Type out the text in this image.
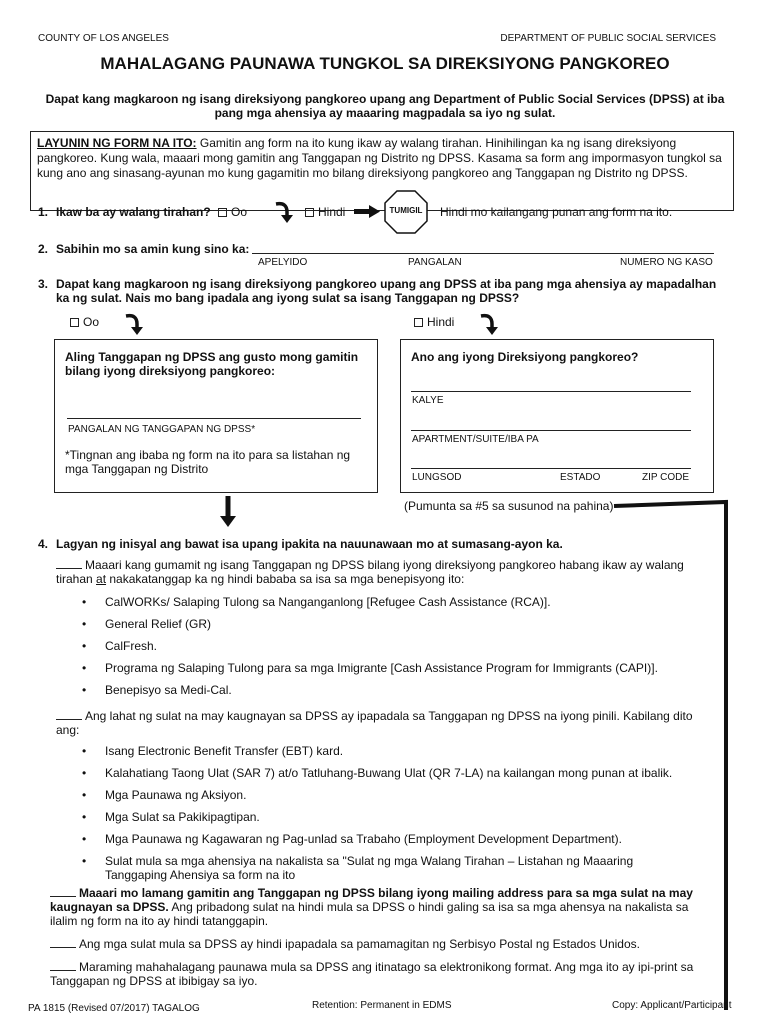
COUNTY OF LOS ANGELES	DEPARTMENT OF PUBLIC SOCIAL SERVICES
MAHALAGANG PAUNAWA TUNGKOL SA DIREKSIYONG PANGKOREO
Dapat kang magkaroon ng isang direksiyong pangkoreo upang ang Department of Public Social Services (DPSS) at iba pang mga ahensiya ay maaaring magpadala sa iyo ng sulat.
LAYUNIN NG FORM NA ITO: Gamitin ang form na ito kung ikaw ay walang tirahan. Hinihilingan ka ng isang direksiyong pangkoreo. Kung wala, maaari mong gamitin ang Tanggapan ng Distrito ng DPSS. Kasama sa form ang impormasyon tungkol sa kung ano ang sinasang-ayunan mo kung gagamitin mo bilang direksiyong pangkoreo ang Tanggapan ng Distrito ng DPSS.
1. Ikaw ba ay walang tirahan?	Oo	Hindi	TUMIGIL	Hindi mo kailangang punan ang form na ito.
2. Sabihin mo sa amin kung sino ka:
APELYIDO	PANGALAN	NUMERO NG KASO
3. Dapat kang magkaroon ng isang direksiyong pangkoreo upang ang DPSS at iba pang mga ahensiya ay mapadalhan ka ng sulat. Nais mo bang ipadala ang iyong sulat sa isang Tanggapan ng DPSS?
Oo	Hindi
Aling Tanggapan ng DPSS ang gusto mong gamitin bilang iyong direksiyong pangkoreo:
PANGALAN NG TANGGAPAN NG DPSS*
*Tingnan ang ibaba ng form na ito para sa listahan ng mga Tanggapan ng Distrito
Ano ang iyong Direksiyong pangkoreo?
KALYE
APARTMENT/SUITE/IBA PA
LUNGSOD	ESTADO	ZIP CODE
(Pumunta sa #5 sa susunod na pahina)
4. Lagyan ng inisyal ang bawat isa upang ipakita na nauunawaan mo at sumasang-ayon ka.
Maaari kang gumamit ng isang Tanggapan ng DPSS bilang iyong direksiyong pangkoreo habang ikaw ay walang tirahan at nakakatanggap ka ng hindi bababa sa isa sa mga benepisyong ito:
• CalWORKs/ Salaping Tulong sa Nanganganlong [Refugee Cash Assistance (RCA)].
• General Relief (GR)
• CalFresh.
• Programa ng Salaping Tulong para sa mga Imigrante [Cash Assistance Program for Immigrants (CAPI)].
• Benepisyo sa Medi-Cal.
Ang lahat ng sulat na may kaugnayan sa DPSS ay ipapadala sa Tanggapan ng DPSS na iyong pinili. Kabilang dito ang:
• Isang Electronic Benefit Transfer (EBT) kard.
• Kalahatiang Taong Ulat (SAR 7) at/o Tatluhang-Buwang Ulat (QR 7-LA) na kailangan mong punan at ibalik.
• Mga Paunawa ng Aksiyon.
• Mga Sulat sa Pakikipagtipan.
• Mga Paunawa ng Kagawaran ng Pag-unlad sa Trabaho (Employment Development Department).
• Sulat mula sa mga ahensiya na nakalista sa "Sulat ng mga Walang Tirahan – Listahan ng Maaaring Tanggaping Ahensiya sa form na ito
Maaari mo lamang gamitin ang Tanggapan ng DPSS bilang iyong mailing address para sa mga sulat na may kaugnayan sa DPSS. Ang pribadong sulat na hindi mula sa DPSS o hindi galing sa isa sa mga ahensya na nakalista sa ilalim ng form na ito ay hindi tatanggapin.
Ang mga sulat mula sa DPSS ay hindi ipapadala sa pamamagitan ng Serbisyo Postal ng Estados Unidos.
Maraming mahahalagang paunawa mula sa DPSS ang itinatago sa elektronikong format. Ang mga ito ay ipi-print sa Tanggapan ng DPSS at ibibigay sa iyo.
PA 1815 (Revised 07/2017) TAGALOG	Retention: Permanent in EDMS	Copy: Applicant/Participant
